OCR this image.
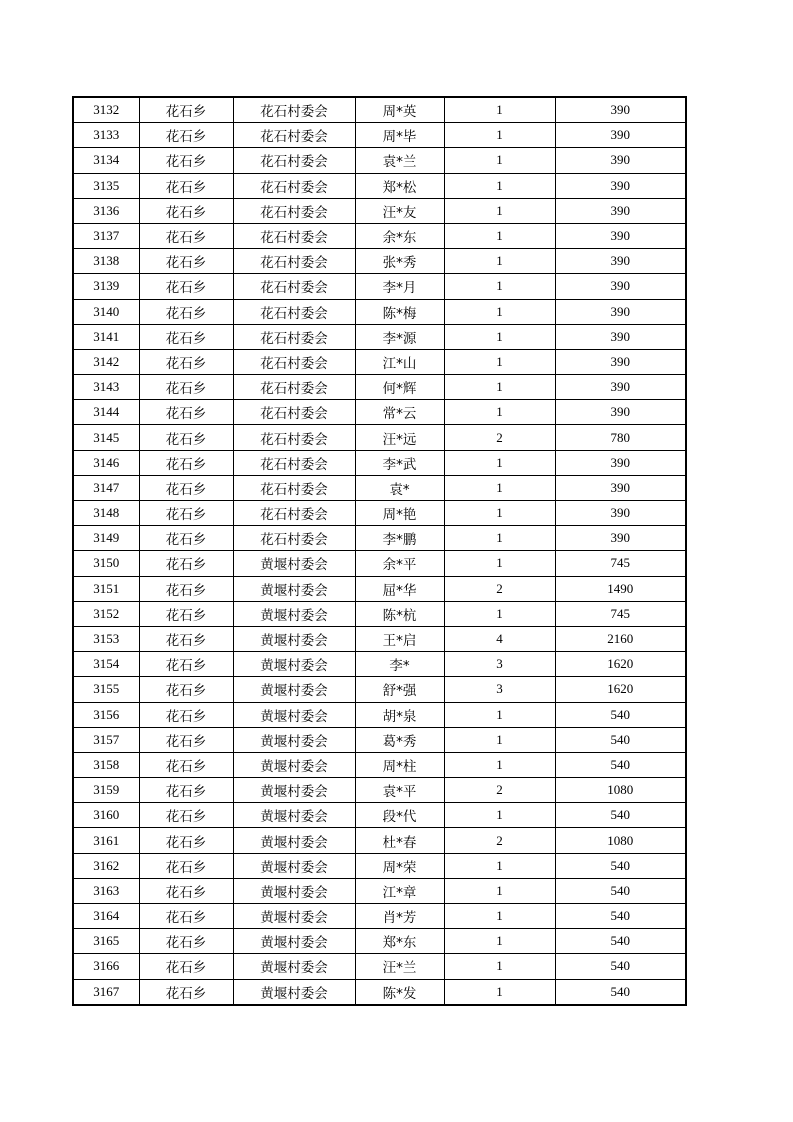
3132	花石乡	花石村委会	周*英	1	390
3133	花石乡	花石村委会	周*毕	1	390
3134	花石乡	花石村委会	袁*兰	1	390
3135	花石乡	花石村委会	郑*松	1	390
3136	花石乡	花石村委会	汪*友	1	390
3137	花石乡	花石村委会	余*东	1	390
3138	花石乡	花石村委会	张*秀	1	390
3139	花石乡	花石村委会	李*月	1	390
3140	花石乡	花石村委会	陈*梅	1	390
3141	花石乡	花石村委会	李*源	1	390
3142	花石乡	花石村委会	江*山	1	390
3143	花石乡	花石村委会	何*辉	1	390
3144	花石乡	花石村委会	常*云	1	390
3145	花石乡	花石村委会	汪*远	2	780
3146	花石乡	花石村委会	李*武	1	390
3147	花石乡	花石村委会	袁*	1	390
3148	花石乡	花石村委会	周*艳	1	390
3149	花石乡	花石村委会	李*鹏	1	390
3150	花石乡	黄堰村委会	余*平	1	745
3151	花石乡	黄堰村委会	屈*华	2	1490
3152	花石乡	黄堰村委会	陈*杭	1	745
3153	花石乡	黄堰村委会	王*启	4	2160
3154	花石乡	黄堰村委会	李*	3	1620
3155	花石乡	黄堰村委会	舒*强	3	1620
3156	花石乡	黄堰村委会	胡*泉	1	540
3157	花石乡	黄堰村委会	葛*秀	1	540
3158	花石乡	黄堰村委会	周*柱	1	540
3159	花石乡	黄堰村委会	袁*平	2	1080
3160	花石乡	黄堰村委会	段*代	1	540
3161	花石乡	黄堰村委会	杜*春	2	1080
3162	花石乡	黄堰村委会	周*荣	1	540
3163	花石乡	黄堰村委会	江*章	1	540
3164	花石乡	黄堰村委会	肖*芳	1	540
3165	花石乡	黄堰村委会	郑*东	1	540
3166	花石乡	黄堰村委会	汪*兰	1	540
3167	花石乡	黄堰村委会	陈*发	1	540
